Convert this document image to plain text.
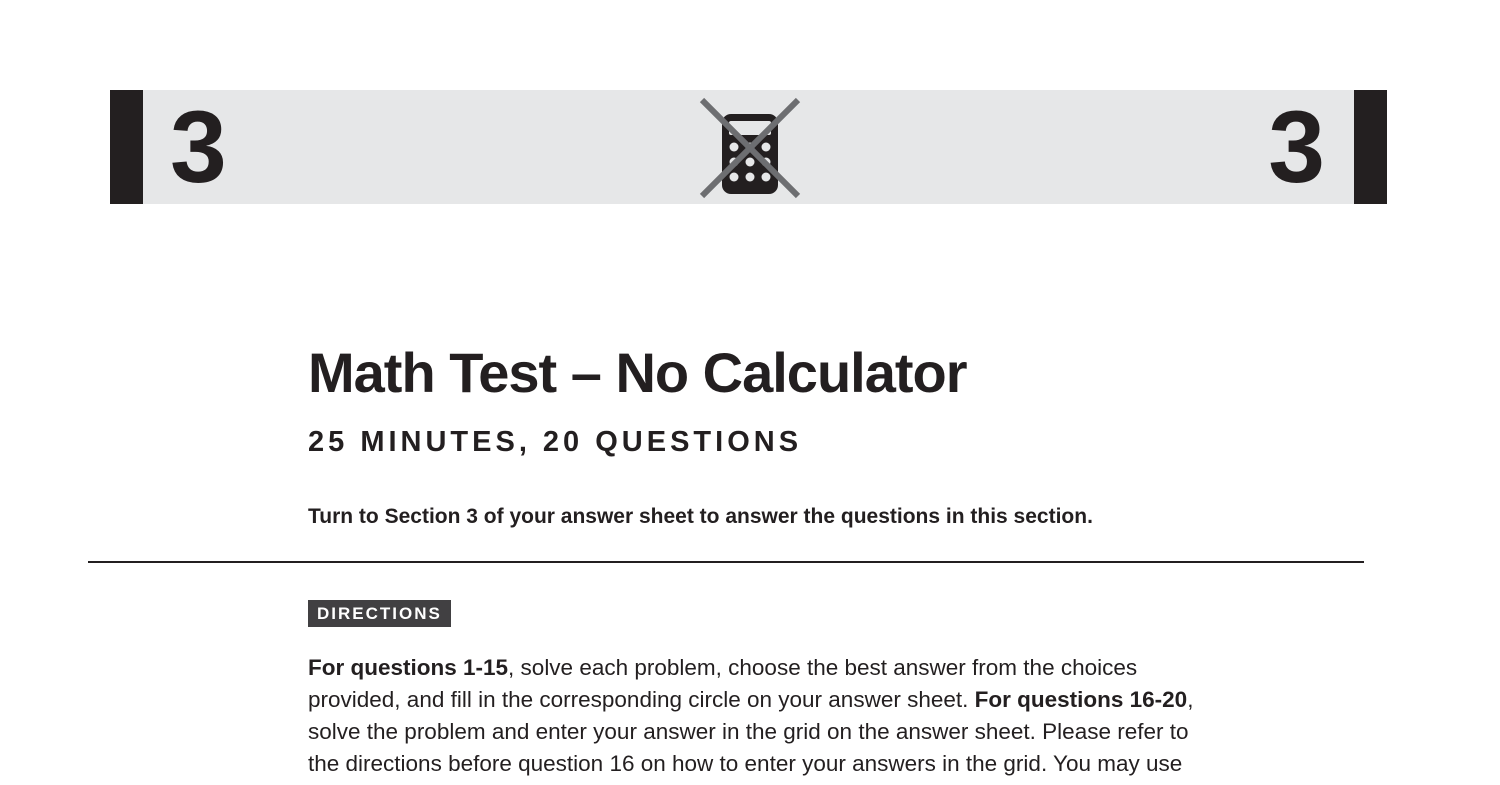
3	3
Math Test – No Calculator
25 MINUTES, 20 QUESTIONS

Turn to Section 3 of your answer sheet to answer the questions in this section.

DIRECTIONS
For questions 1-15, solve each problem, choose the best answer from the choices
provided, and fill in the corresponding circle on your answer sheet. For questions 16-20,
solve the problem and enter your answer in the grid on the answer sheet. Please refer to
the directions before question 16 on how to enter your answers in the grid. You may use
